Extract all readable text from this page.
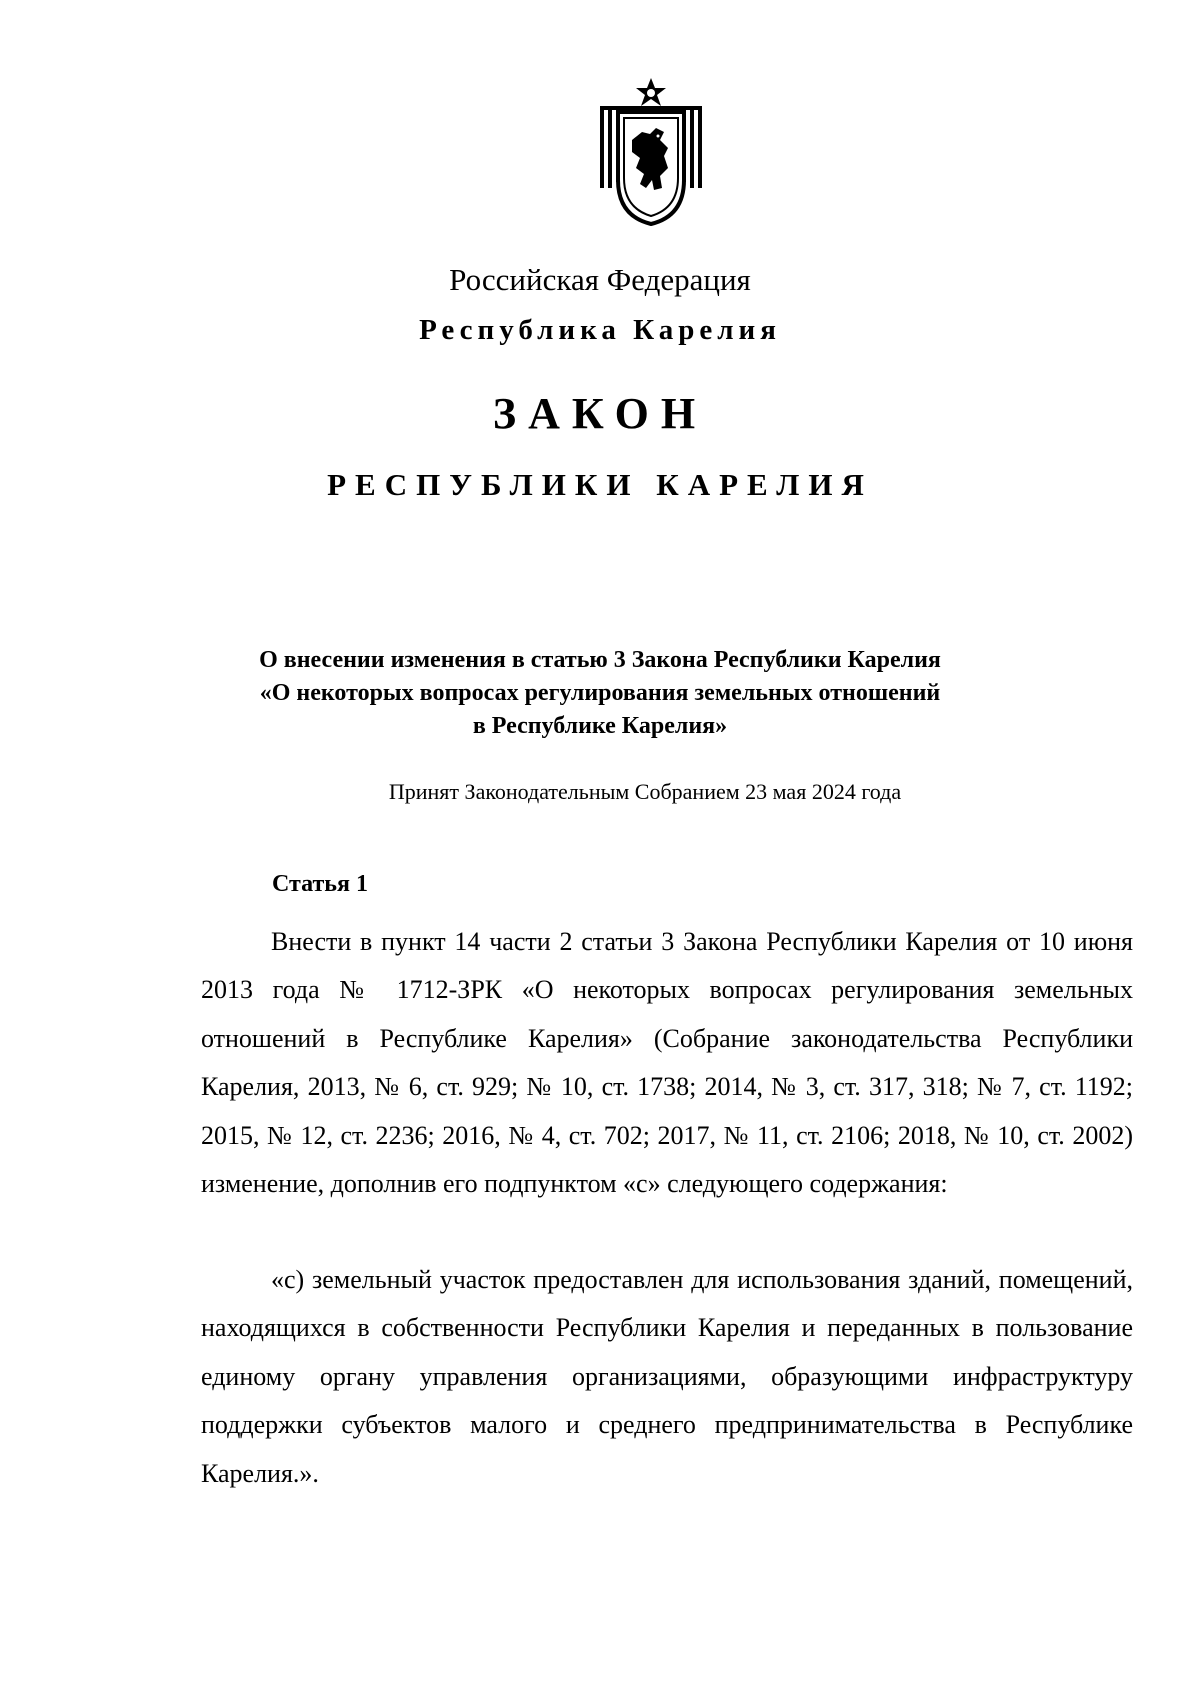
Российская Федерация
Республика Карелия
ЗАКОН
РЕСПУБЛИКИ КАРЕЛИЯ
О внесении изменения в статью 3 Закона Республики Карелия
«О некоторых вопросах регулирования земельных отношений
в Республике Карелия»
Принят Законодательным Собранием 23 мая 2024 года
Статья 1
Внести в пункт 14 части 2 статьи 3 Закона Республики Карелия от 10 июня 2013 года № 1712-ЗРК «О некоторых вопросах регулирования земельных отношений в Республике Карелия» (Собрание законодательства Республики Карелия, 2013, № 6, ст. 929; № 10, ст. 1738; 2014, № 3, ст. 317, 318; № 7, ст. 1192; 2015, № 12, ст. 2236; 2016, № 4, ст. 702; 2017, № 11, ст. 2106; 2018, № 10, ст. 2002) изменение, дополнив его подпунктом «с» следующего содержания:
«с) земельный участок предоставлен для использования зданий, помещений, находящихся в собственности Республики Карелия и переданных в пользование единому органу управления организациями, образующими инфраструктуру поддержки субъектов малого и среднего предпринимательства в Республике Карелия.».
